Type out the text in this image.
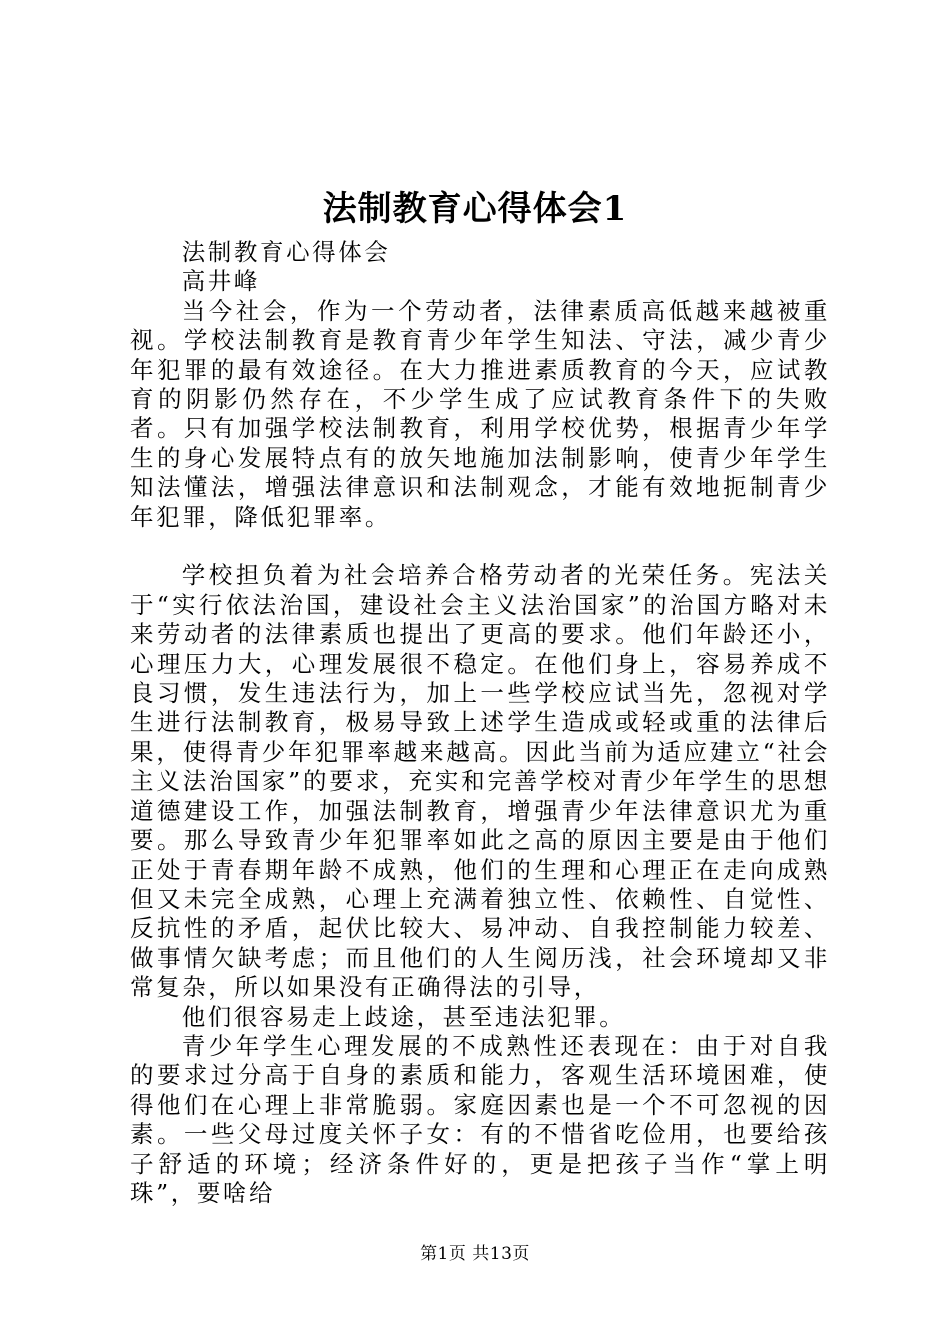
法制教育心得体会1

法制教育心得体会

高井峰

当今社会，作为一个劳动者，法律素质高低越来越被重视。学校法制教育是教育青少年学生知法、守法，减少青少年犯罪的最有效途径。在大力推进素质教育的今天，应试教育的阴影仍然存在，不少学生成了应试教育条件下的失败者。只有加强学校法制教育，利用学校优势，根据青少年学生的身心发展特点有的放矢地施加法制影响，使青少年学生知法懂法，增强法律意识和法制观念，才能有效地扼制青少年犯罪，降低犯罪率。

学校担负着为社会培养合格劳动者的光荣任务。宪法关于“实行依法治国，建设社会主义法治国家”的治国方略对未来劳动者的法律素质也提出了更高的要求。他们年龄还小，心理压力大，心理发展很不稳定。在他们身上，容易养成不良习惯，发生违法行为，加上一些学校应试当先，忽视对学生进行法制教育，极易导致上述学生造成或轻或重的法律后果，使得青少年犯罪率越来越高。因此当前为适应建立“社会主义法治国家”的要求，充实和完善学校对青少年学生的思想道德建设工作，加强法制教育，增强青少年法律意识尤为重要。那么导致青少年犯罪率如此之高的原因主要是由于他们正处于青春期年龄不成熟，他们的生理和心理正在走向成熟但又未完全成熟，心理上充满着独立性、依赖性、自觉性、反抗性的矛盾，起伏比较大、易冲动、自我控制能力较差、做事情欠缺考虑；而且他们的人生阅历浅，社会环境却又非常复杂，所以如果没有正确得法的引导，

他们很容易走上歧途，甚至违法犯罪。

青少年学生心理发展的不成熟性还表现在：由于对自我的要求过分高于自身的素质和能力，客观生活环境困难，使得他们在心理上非常脆弱。家庭因素也是一个不可忽视的因素。一些父母过度关怀子女：有的不惜省吃俭用，也要给孩子舒适的环境；经济条件好的，更是把孩子当作“掌上明珠”，要啥给

第1页 共13页
